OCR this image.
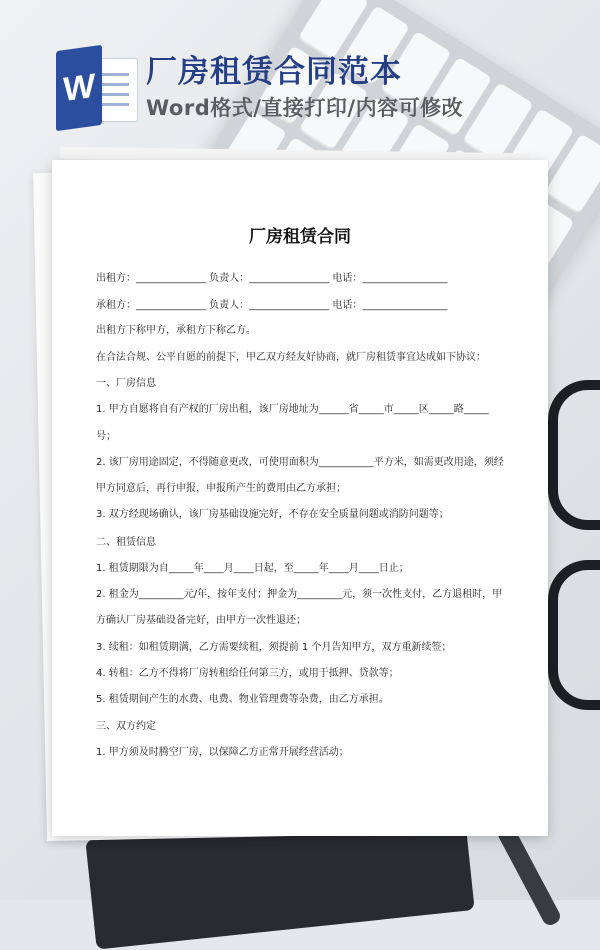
W 厂房租赁合同范本
Word格式/直接打印/内容可修改
厂房租赁合同
出租方：______________ 负责人：________________ 电话：_________________
承租方：______________ 负责人：________________ 电话：_________________
出租方下称甲方，承租方下称乙方。
在合法合规、公平自愿的前提下，甲乙双方经友好协商，就厂房租赁事宜达成如下协议：
一、厂房信息
1. 甲方自愿将自有产权的厂房出租，该厂房地址为______省_____市_____区_____路_____
号；
2. 该厂房用途固定，不得随意更改，可使用面积为___________平方米，如需更改用途，须经
甲方同意后，再行申报，申报所产生的费用由乙方承担；
3. 双方经现场确认，该厂房基础设施完好，不存在安全质量问题或消防问题等；
二、租赁信息
1. 租赁期限为自_____年____月____日起，至_____年____月____日止；
2. 租金为_________元/年，按年支付；押金为_________元，须一次性支付，乙方退租时，甲
方确认厂房基础设备完好，由甲方一次性退还；
3. 续租：如租赁期满，乙方需要续租，须提前 1 个月告知甲方，双方重新续签；
4. 转租：乙方不得将厂房转租给任何第三方，或用于抵押、贷款等；
5. 租赁期间产生的水费、电费、物业管理费等杂费，由乙方承担。
三、双方约定
1. 甲方须及时腾空厂房，以保障乙方正常开展经营活动；
